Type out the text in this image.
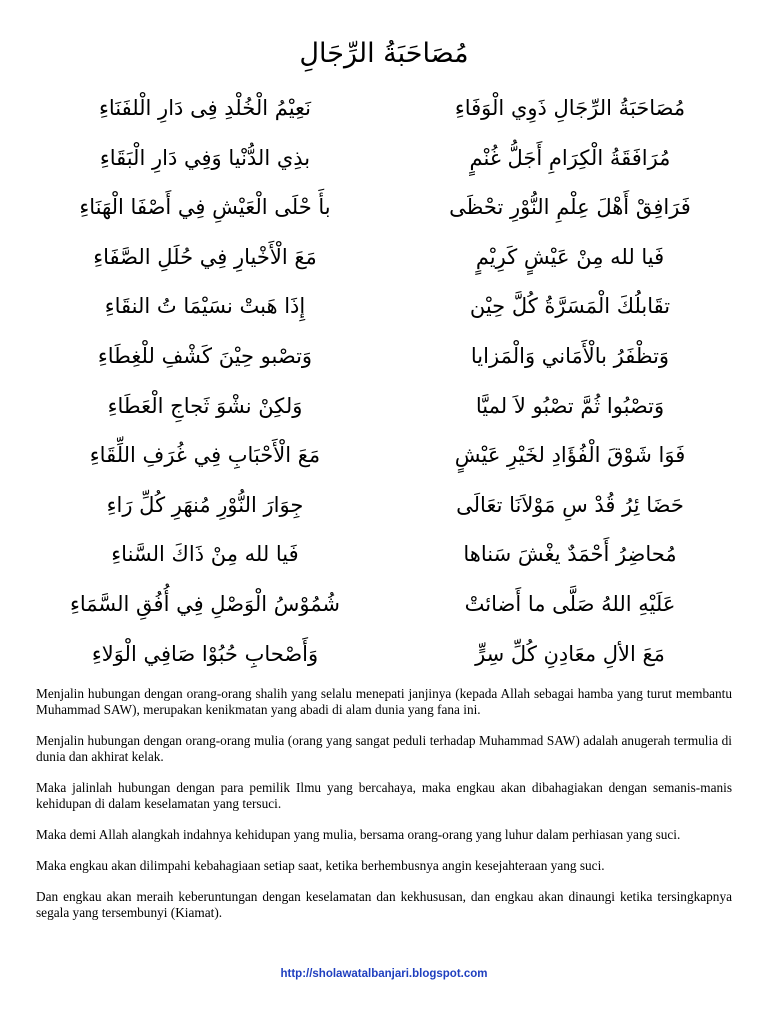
مُصَاحَبَةُ الرِّجَالِ
مُصَاحَبَةُ الرِّجَالِ ذَوِي الْوَفَاءِ
نَعِيْمُ الْخُلْدِ فِى دَارِ الْلفَنَاءِ
مُرَافَقَةُ الْكِرَامِ أَجَلُّ غُنْمٍ
بذِي الدُّنْيا وَفِي دَارِ الْبَقَاءِ
فَرَافِقْ أَهْلَ عِلْمِ النُّوْرِ تحْظَى
بأَ حْلَى الْعَيْشِ فِي أَصْفَا الْهَنَاءِ
فَيا لله مِنْ عَيْشٍ كَرِيْمٍ
مَعَ الْأَخْيارِ فِي حُلَلِ الصَّفَاءِ
تقَابلُكَ الْمَسَرَّةُ كُلَّ حِيْن
إِذَا هَبتْ نسَيْمَا تُ النقَاءِ
وَتظْفَرُ بالْأَمَاني وَالْمَزايا
وَتصْبو حِيْنَ كَشْفِ للْغِطَاءِ
وَتصْبُوا ثُمَّ تصْبُو لاَ لميَّا
وَلكِنْ نشْوَ ثَجاجِ الْعَطَاءِ
فَوَا شَوْقَ الْفُؤَادِ لخَيْرِ عَيْشٍ
مَعَ الْأَحْبَابِ فِي غُرَفِ اللِّقَاءِ
حَضَا ئِرُ قُدْ سِ مَوْلاَنَا تعَالَى
جِوَارَ النُّوْرِ مُنهَرِ كُلِّ رَاءِ
مُحاضِرُ أَحْمَدٌ يغْشَ سَناها
فَيا لله مِنْ ذَاكَ السَّناءِ
عَلَيْهِ اللهُ صَلَّى ما أَضائتْ
شُمُوْسُ الْوَصْلِ فِي أُفُقِ السَّمَاءِ
مَعَ الألِ معَادِنِ كُلِّ سِرٍّ
وَأَصْحابِ حُبُوْا صَافِي الْوَلاءِ

Menjalin hubungan dengan orang-orang shalih yang selalu menepati janjinya (kepada Allah sebagai hamba yang turut membantu Muhammad SAW), merupakan kenikmatan yang abadi di alam dunia yang fana ini.

Menjalin hubungan dengan orang-orang mulia (orang yang sangat peduli terhadap Muhammad SAW) adalah anugerah termulia di dunia dan akhirat kelak.

Maka jalinlah hubungan dengan para pemilik Ilmu yang bercahaya, maka engkau akan dibahagiakan dengan semanis-manis kehidupan di dalam keselamatan yang tersuci.

Maka demi Allah alangkah indahnya kehidupan yang mulia, bersama orang-orang yang luhur dalam perhiasan yang suci.

Maka engkau akan dilimpahi kebahagiaan setiap saat, ketika berhembusnya angin kesejahteraan yang suci.

Dan engkau akan meraih keberuntungan dengan keselamatan dan kekhususan, dan engkau akan dinaungi ketika tersingkapnya segala yang tersembunyi (Kiamat).

http://sholawatalbanjari.blogspot.com
